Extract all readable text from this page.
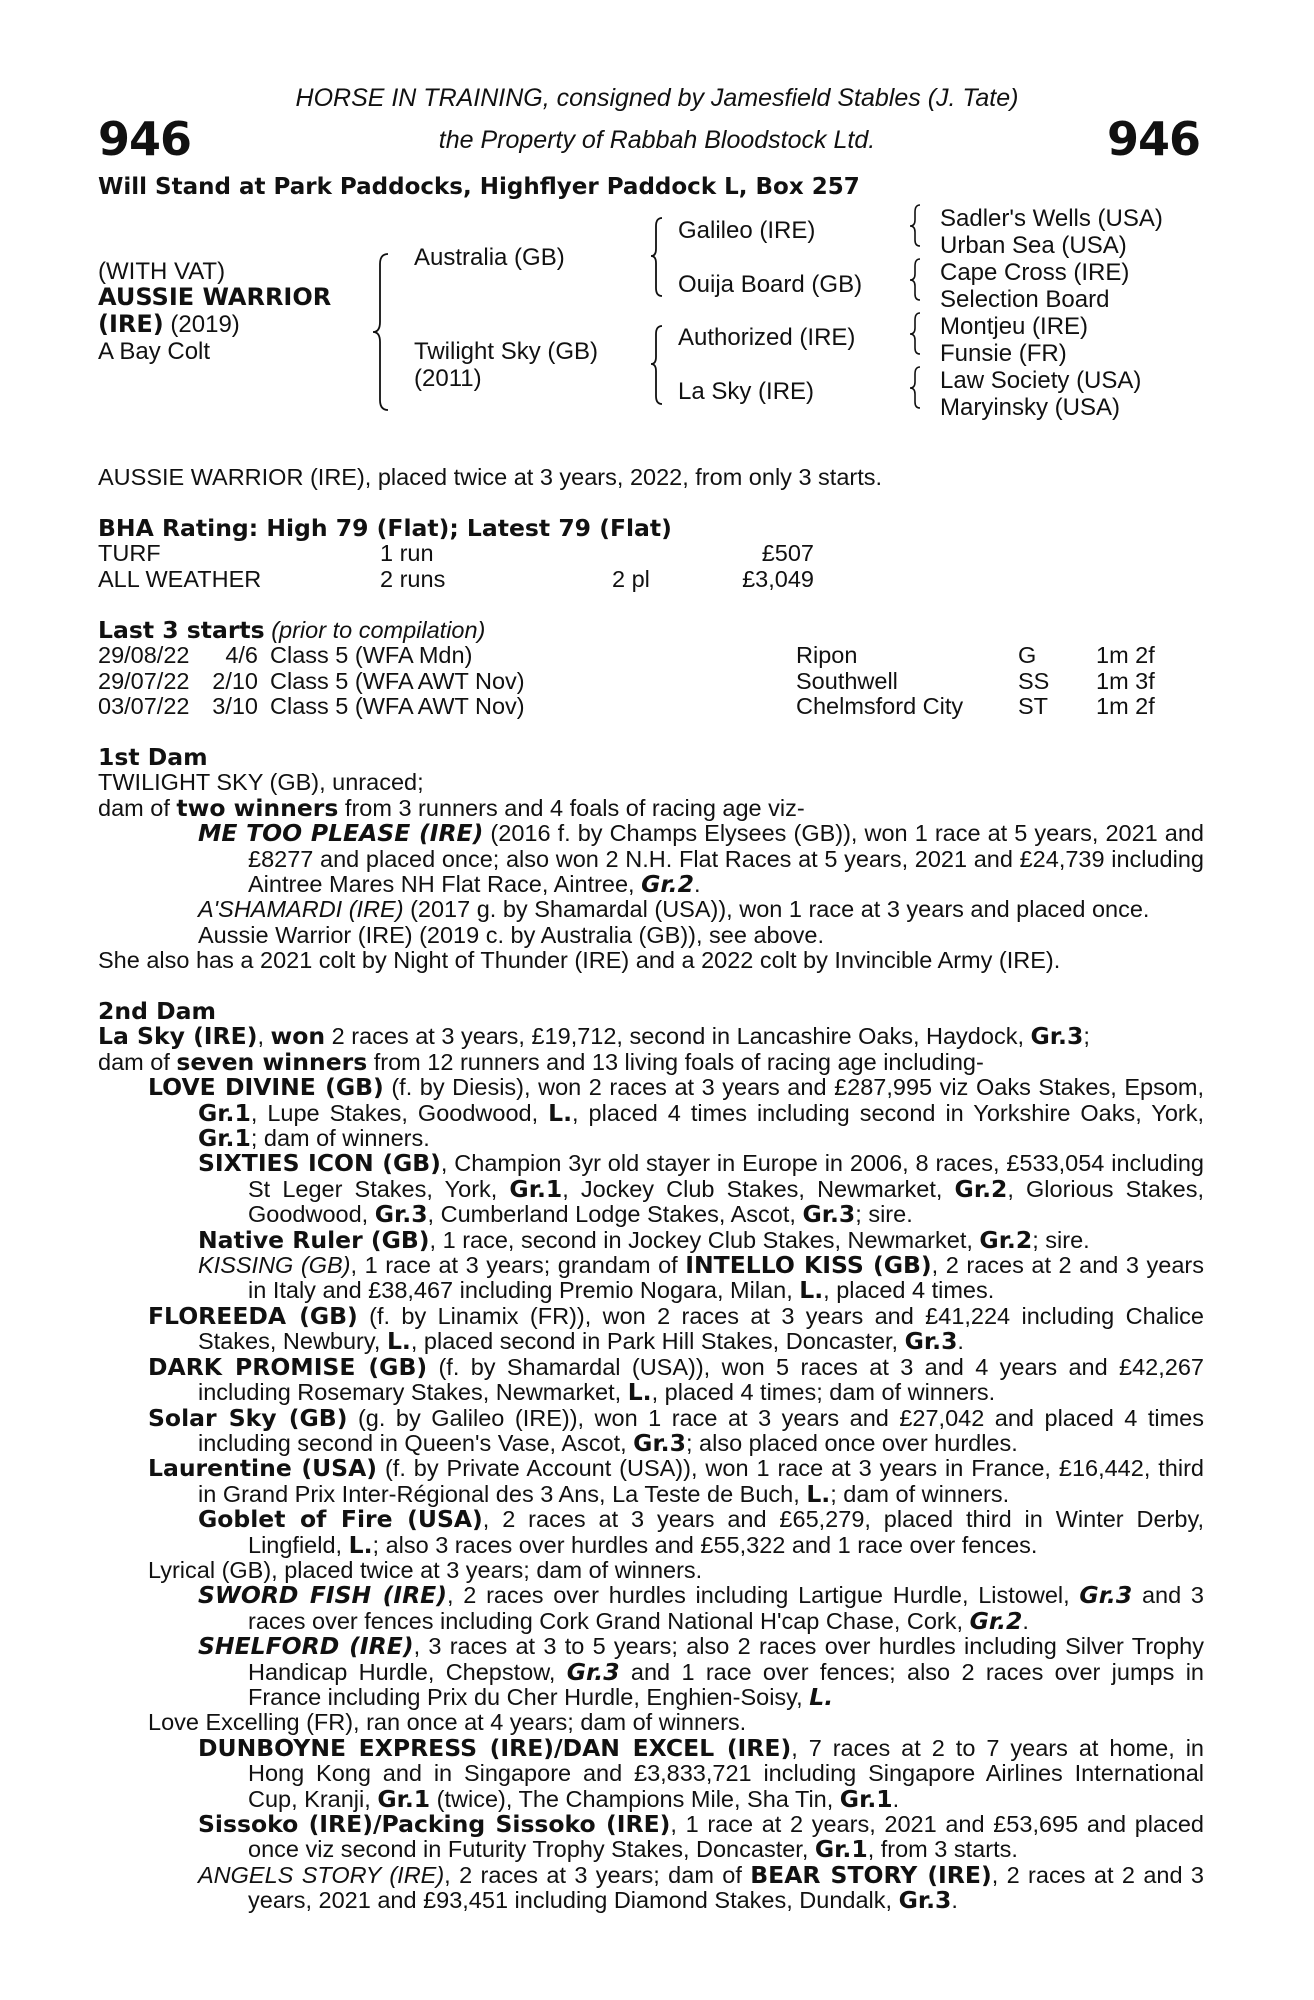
946	946
HORSE IN TRAINING, consigned by Jamesfield Stables (J. Tate)
the Property of Rabbah Bloodstock Ltd.
Will Stand at Park Paddocks, Highflyer Paddock L, Box 257
(WITH VAT)
AUSSIE WARRIOR
(IRE) (2019)
A Bay Colt
Australia (GB)
Twilight Sky (GB)
(2011)
Galileo (IRE)
Ouija Board (GB)
Authorized (IRE)
La Sky (IRE)
Sadler's Wells (USA)
Urban Sea (USA)
Cape Cross (IRE)
Selection Board
Montjeu (IRE)
Funsie (FR)
Law Society (USA)
Maryinsky (USA)
AUSSIE WARRIOR (IRE), placed twice at 3 years, 2022, from only 3 starts.

BHA Rating: High 79 (Flat); Latest 79 (Flat)

TURF	1 run		£507
ALL WEATHER	2 runs	2 pl	£3,049

Last 3 starts (prior to compilation)

29/08/22	4/6	Class 5 (WFA Mdn)	Ripon	G	1m 2f
29/07/22	2/10	Class 5 (WFA AWT Nov)	Southwell	SS	1m 3f
03/07/22	3/10	Class 5 (WFA AWT Nov)	Chelmsford City	ST	1m 2f

1st Dam

TWILIGHT SKY (GB), unraced;

dam of two winners from 3 runners and 4 foals of racing age viz-

ME TOO PLEASE (IRE) (2016 f. by Champs Elysees (GB)), won 1 race at 5 years, 2021 and £8277 and placed once; also won 2 N.H. Flat Races at 5 years, 2021 and £24,739 including Aintree Mares NH Flat Race, Aintree, Gr.2.

A'SHAMARDI (IRE) (2017 g. by Shamardal (USA)), won 1 race at 3 years and placed once.

Aussie Warrior (IRE) (2019 c. by Australia (GB)), see above.

She also has a 2021 colt by Night of Thunder (IRE) and a 2022 colt by Invincible Army (IRE).

2nd Dam

La Sky (IRE), won 2 races at 3 years, £19,712, second in Lancashire Oaks, Haydock, Gr.3;

dam of seven winners from 12 runners and 13 living foals of racing age including-

LOVE DIVINE (GB) (f. by Diesis), won 2 races at 3 years and £287,995 viz Oaks Stakes, Epsom, Gr.1, Lupe Stakes, Goodwood, L., placed 4 times including second in Yorkshire Oaks, York, Gr.1; dam of winners.

SIXTIES ICON (GB), Champion 3yr old stayer in Europe in 2006, 8 races, £533,054 including St Leger Stakes, York, Gr.1, Jockey Club Stakes, Newmarket, Gr.2, Glorious Stakes, Goodwood, Gr.3, Cumberland Lodge Stakes, Ascot, Gr.3; sire.

Native Ruler (GB), 1 race, second in Jockey Club Stakes, Newmarket, Gr.2; sire.

KISSING (GB), 1 race at 3 years; grandam of INTELLO KISS (GB), 2 races at 2 and 3 years in Italy and £38,467 including Premio Nogara, Milan, L., placed 4 times.

FLOREEDA (GB) (f. by Linamix (FR)), won 2 races at 3 years and £41,224 including Chalice Stakes, Newbury, L., placed second in Park Hill Stakes, Doncaster, Gr.3.

DARK PROMISE (GB) (f. by Shamardal (USA)), won 5 races at 3 and 4 years and £42,267 including Rosemary Stakes, Newmarket, L., placed 4 times; dam of winners.

Solar Sky (GB) (g. by Galileo (IRE)), won 1 race at 3 years and £27,042 and placed 4 times including second in Queen's Vase, Ascot, Gr.3; also placed once over hurdles.

Laurentine (USA) (f. by Private Account (USA)), won 1 race at 3 years in France, £16,442, third in Grand Prix Inter-Régional des 3 Ans, La Teste de Buch, L.; dam of winners.

Goblet of Fire (USA), 2 races at 3 years and £65,279, placed third in Winter Derby, Lingfield, L.; also 3 races over hurdles and £55,322 and 1 race over fences.

Lyrical (GB), placed twice at 3 years; dam of winners.

SWORD FISH (IRE), 2 races over hurdles including Lartigue Hurdle, Listowel, Gr.3 and 3 races over fences including Cork Grand National H'cap Chase, Cork, Gr.2.

SHELFORD (IRE), 3 races at 3 to 5 years; also 2 races over hurdles including Silver Trophy Handicap Hurdle, Chepstow, Gr.3 and 1 race over fences; also 2 races over jumps in France including Prix du Cher Hurdle, Enghien-Soisy, L.

Love Excelling (FR), ran once at 4 years; dam of winners.

DUNBOYNE EXPRESS (IRE)/DAN EXCEL (IRE), 7 races at 2 to 7 years at home, in Hong Kong and in Singapore and £3,833,721 including Singapore Airlines International Cup, Kranji, Gr.1 (twice), The Champions Mile, Sha Tin, Gr.1.

Sissoko (IRE)/Packing Sissoko (IRE), 1 race at 2 years, 2021 and £53,695 and placed once viz second in Futurity Trophy Stakes, Doncaster, Gr.1, from 3 starts.

ANGELS STORY (IRE), 2 races at 3 years; dam of BEAR STORY (IRE), 2 races at 2 and 3 years, 2021 and £93,451 including Diamond Stakes, Dundalk, Gr.3.
